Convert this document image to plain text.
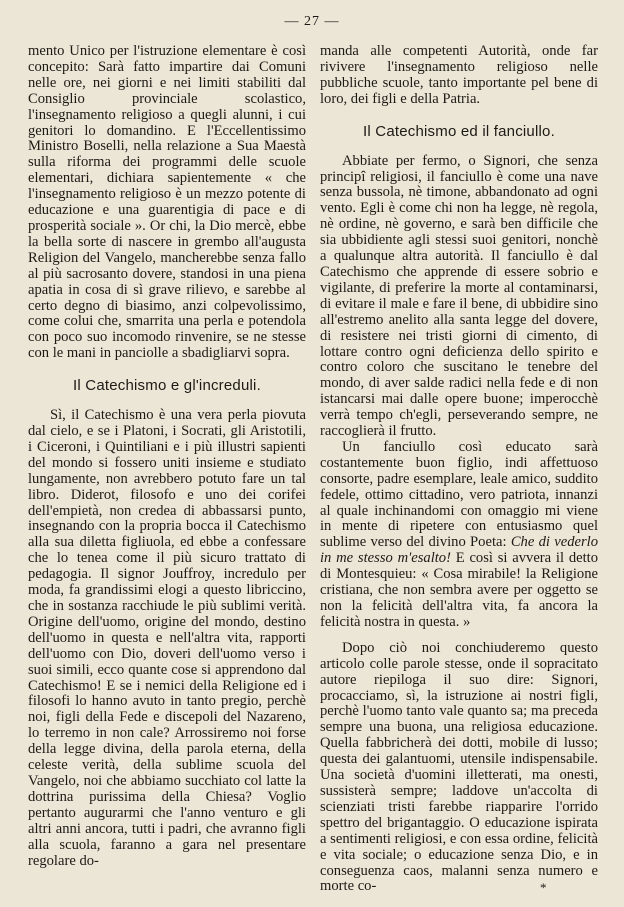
— 27 —

mento Unico per l'istruzione elementare è così concepito: Sarà fatto impartire dai Comuni nelle ore, nei giorni e nei limiti stabiliti dal Consiglio provinciale scolastico, l'insegnamento religioso a quegli alunni, i cui genitori lo domandino. E l'Eccellentissimo Ministro Boselli, nella relazione a Sua Maestà sulla riforma dei programmi delle scuole elementari, dichiara sapientemente « che l'insegnamento religioso è un mezzo potente di educazione e una guarentigia di pace e di prosperità sociale ». Or chi, la Dio mercè, ebbe la bella sorte di nascere in grembo all'augusta Religion del Vangelo, mancherebbe senza fallo al più sacrosanto dovere, standosi in una piena apatia in cosa di sì grave rilievo, e sarebbe al certo degno di biasimo, anzi colpevolissimo, come colui che, smarrita una perla e potendola con poco suo incomodo rinvenire, se ne stesse con le mani in panciolle a sbadigliarvi sopra.

Il Catechismo e gl'increduli.

Sì, il Catechismo è una vera perla piovuta dal cielo, e se i Platoni, i Socrati, gli Aristotili, i Ciceroni, i Quintiliani e i più illustri sapienti del mondo si fossero uniti insieme e studiato lungamente, non avrebbero potuto fare un tal libro. Diderot, filosofo e uno dei corifei dell'empietà, non credea di abbassarsi punto, insegnando con la propria bocca il Catechismo alla sua diletta figliuola, ed ebbe a confessare che lo tenea come il più sicuro trattato di pedagogia. Il signor Jouffroy, incredulo per moda, fa grandissimi elogi a questo libriccino, che in sostanza racchiude le più sublimi verità. Origine dell'uomo, origine del mondo, destino dell'uomo in questa e nell'altra vita, rapporti dell'uomo con Dio, doveri dell'uomo verso i suoi simili, ecco quante cose si apprendono dal Catechismo! E se i nemici della Religione ed i filosofi lo hanno avuto in tanto pregio, perchè noi, figli della Fede e discepoli del Nazareno, lo terremo in non cale? Arrossiremo noi forse della legge divina, della parola eterna, della celeste verità, della sublime scuola del Vangelo, noi che abbiamo succhiato col latte la dottrina purissima della Chiesa? Voglio pertanto augurarmi che l'anno venturo e gli altri anni ancora, tutti i padri, che avranno figli alla scuola, faranno a gara nel presentare regolare do-

manda alle competenti Autorità, onde far rivivere l'insegnamento religioso nelle pubbliche scuole, tanto importante pel bene di loro, dei figli e della Patria.

Il Catechismo ed il fanciullo.

Abbiate per fermo, o Signori, che senza principî religiosi, il fanciullo è come una nave senza bussola, nè timone, abbandonato ad ogni vento. Egli è come chi non ha legge, nè regola, nè ordine, nè governo, e sarà ben difficile che sia ubbidiente agli stessi suoi genitori, nonchè a qualunque altra autorità. Il fanciullo è dal Catechismo che apprende di essere sobrio e vigilante, di preferire la morte al contaminarsi, di evitare il male e fare il bene, di ubbidire sino all'estremo anelito alla santa legge del dovere, di resistere nei tristi giorni di cimento, di lottare contro ogni deficienza dello spirito e contro coloro che suscitano le tenebre del mondo, di aver salde radici nella fede e di non istancarsi mai dalle opere buone; imperocchè verrà tempo ch'egli, perseverando sempre, ne raccoglierà il frutto.

Un fanciullo così educato sarà costantemente buon figlio, indi affettuoso consorte, padre esemplare, leale amico, suddito fedele, ottimo cittadino, vero patriota, innanzi al quale inchinandomi con omaggio mi viene in mente di ripetere con entusiasmo quel sublime verso del divino Poeta: Che di vederlo in me stesso m'esalto! E così si avvera il detto di Montesquieu: « Cosa mirabile! la Religione cristiana, che non sembra avere per oggetto se non la felicità dell'altra vita, fa ancora la felicità nostra in questa. »

Dopo ciò noi conchiuderemo questo articolo colle parole stesse, onde il sopracitato autore riepiloga il suo dire: Signori, procacciamo, sì, la istruzione ai nostri figli, perchè l'uomo tanto vale quanto sa; ma preceda sempre una buona, una religiosa educazione. Quella fabbricherà dei dotti, mobile di lusso; questa dei galantuomi, utensile indispensabile. Una società d'uomini illetterati, ma onesti, sussisterà sempre; laddove un'accolta di scienziati tristi farebbe riapparire l'orrido spettro del brigantaggio. O educazione ispirata a sentimenti religiosi, e con essa ordine, felicità e vita sociale; o educazione senza Dio, e in conseguenza caos, malanni senza numero e morte co-	*
